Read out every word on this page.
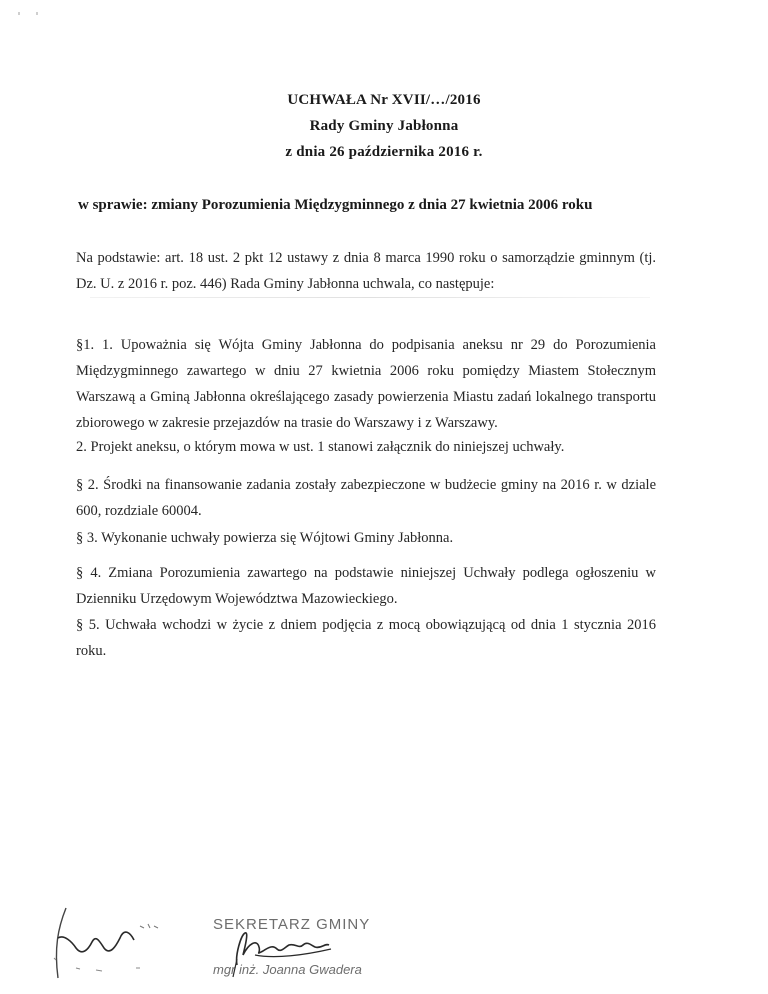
UCHWAŁA Nr XVII/…/2016
Rady Gminy Jabłonna
z dnia 26 października 2016 r.
w sprawie: zmiany Porozumienia Międzygminnego z dnia 27 kwietnia 2006 roku
Na podstawie: art. 18 ust. 2 pkt 12 ustawy z dnia 8 marca 1990 roku o samorządzie gminnym (tj. Dz. U. z 2016 r. poz. 446) Rada Gminy Jabłonna uchwala, co następuje:
§1. 1. Upoważnia się Wójta Gminy Jabłonna do podpisania aneksu nr 29 do Porozumienia Międzygminnego zawartego w dniu 27 kwietnia 2006 roku pomiędzy Miastem Stołecznym Warszawą a Gminą Jabłonna określającego zasady powierzenia Miastu zadań lokalnego transportu zbiorowego w zakresie przejazdów na trasie do Warszawy i z Warszawy.
2. Projekt aneksu, o którym mowa w ust. 1 stanowi załącznik do niniejszej uchwały.
§ 2. Środki na finansowanie zadania zostały zabezpieczone w budżecie gminy na 2016 r. w dziale 600, rozdziale 60004.
§ 3. Wykonanie uchwały powierza się Wójtowi Gminy Jabłonna.
§ 4. Zmiana Porozumienia zawartego na podstawie niniejszej Uchwały podlega ogłoszeniu w Dzienniku Urzędowym Województwa Mazowieckiego.
§ 5. Uchwała wchodzi w życie z dniem podjęcia z mocą obowiązującą od dnia 1 stycznia 2016 roku.
SEKRETARZ GMINY
mgr inż. Joanna Gwadera
